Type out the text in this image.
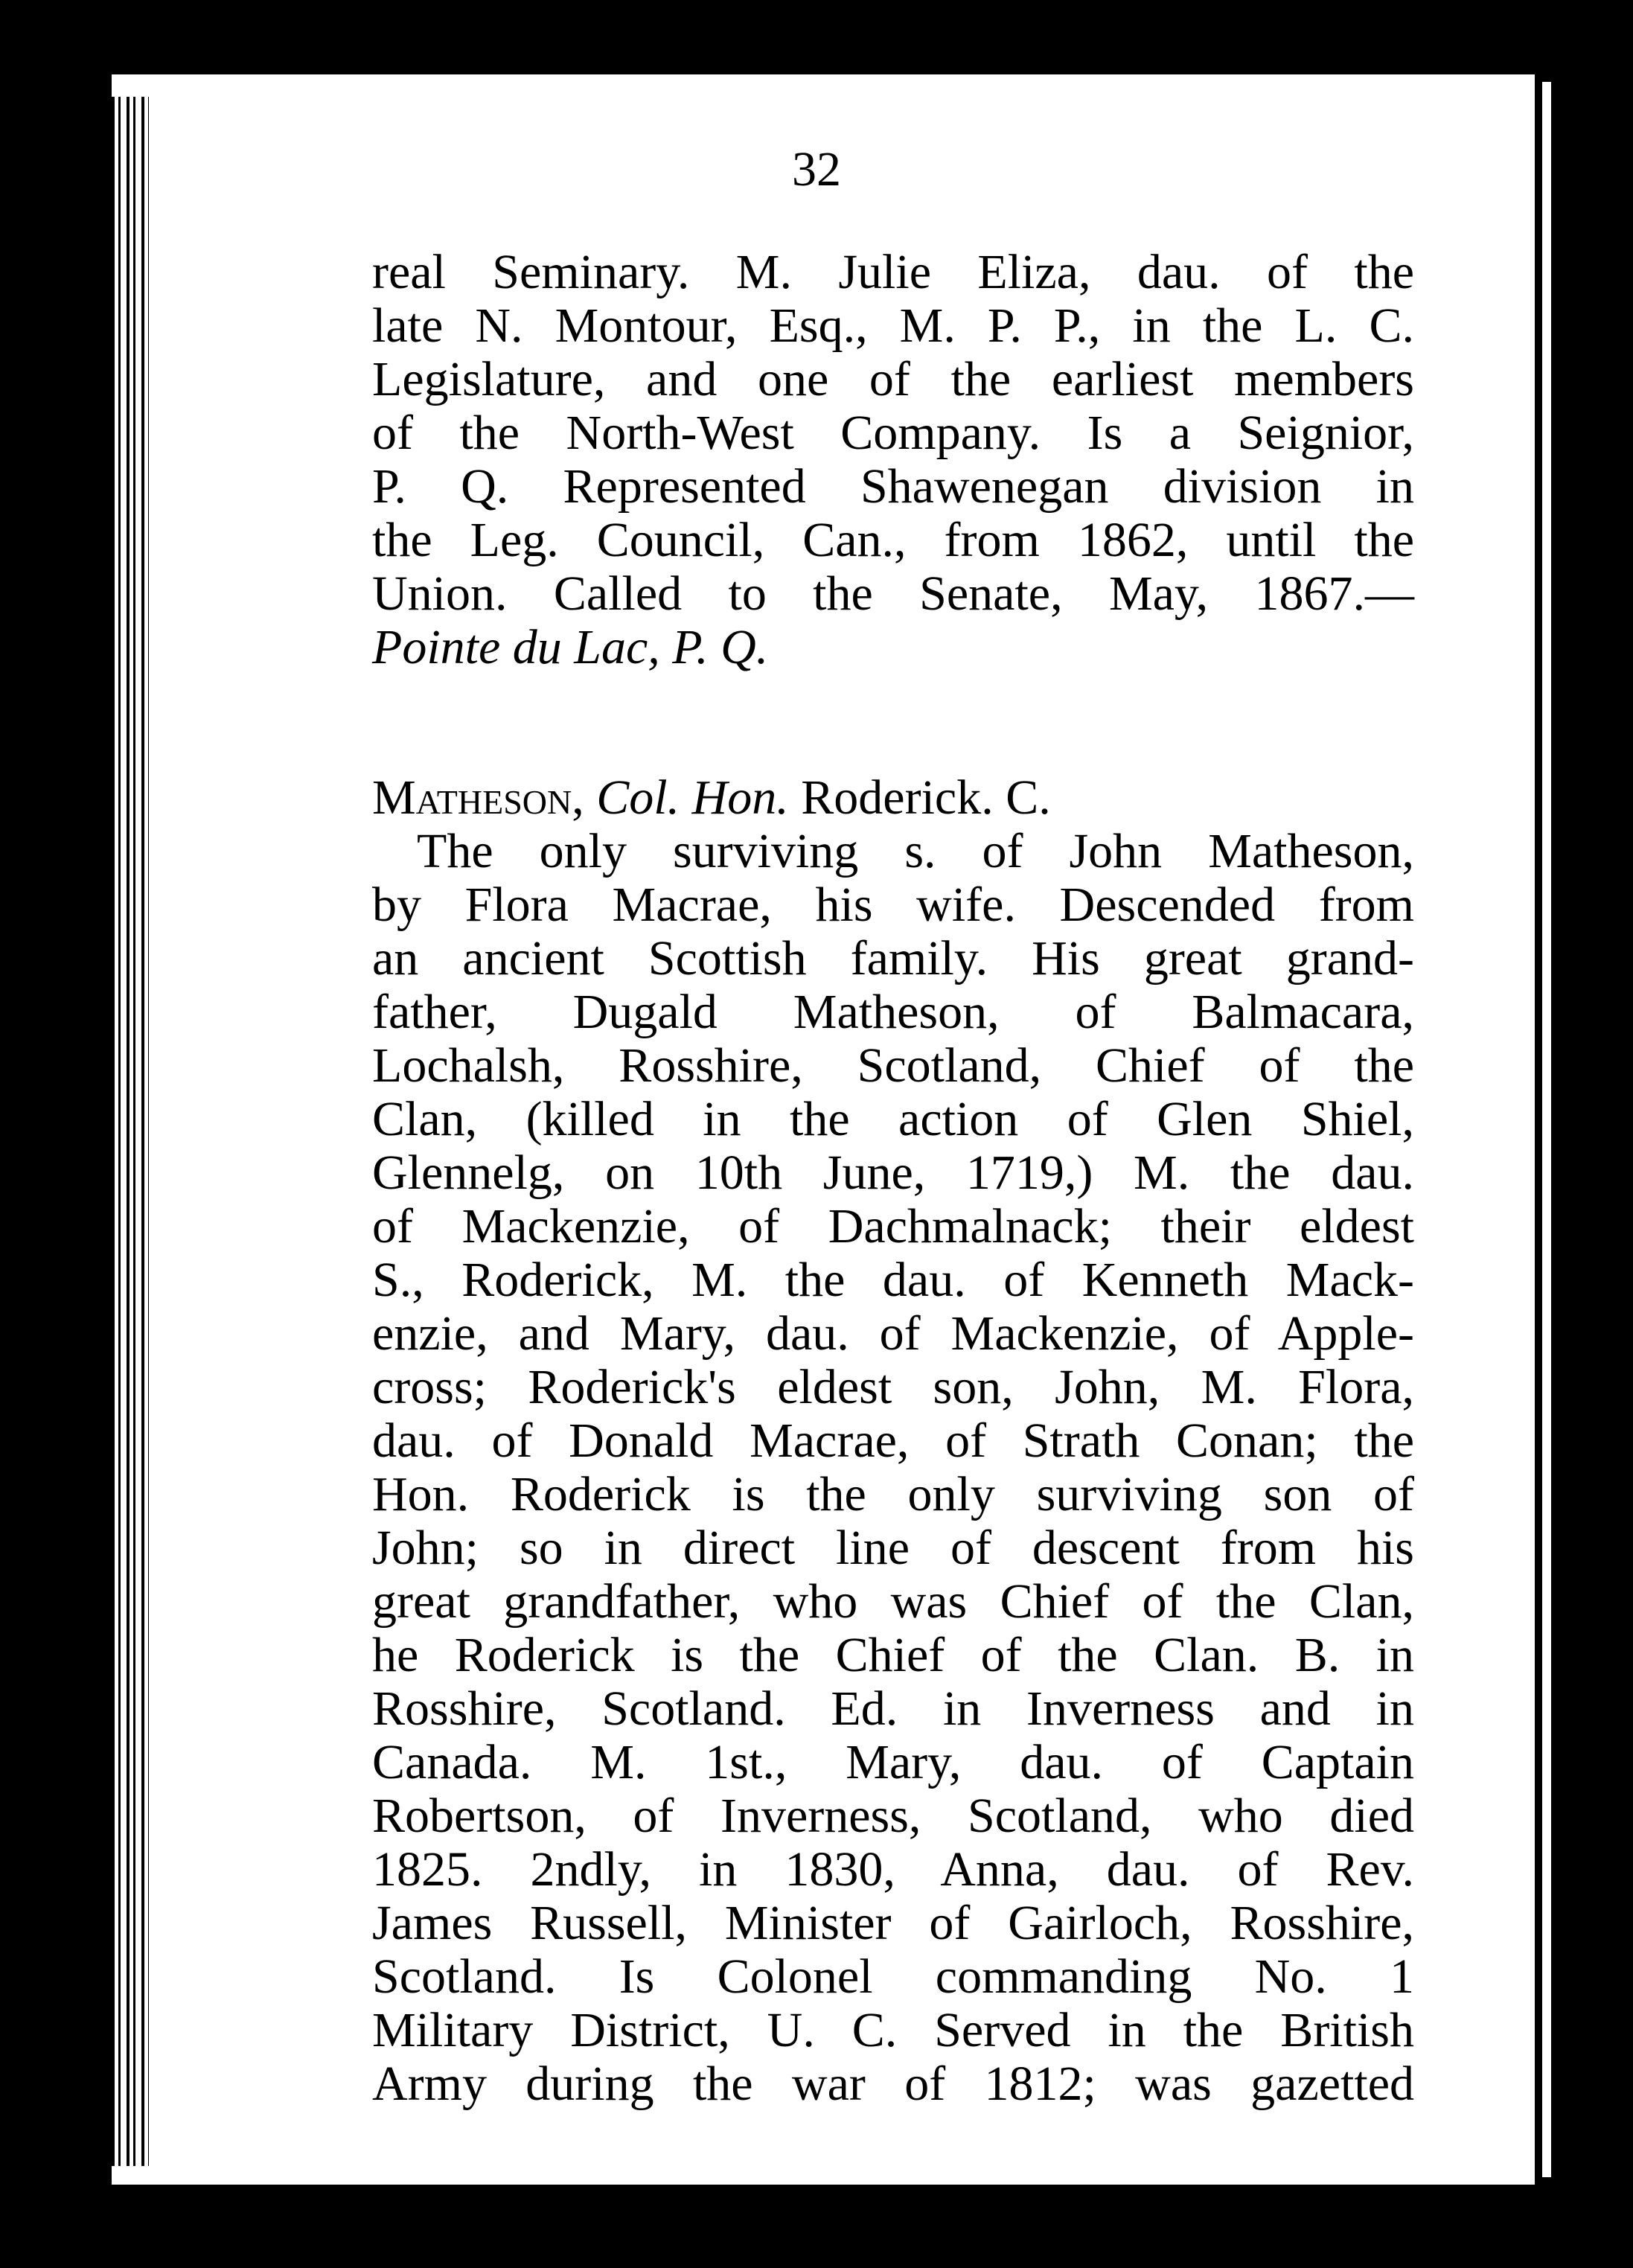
32
real Seminary. M. Julie Eliza, dau. of the
late N. Montour, Esq., M. P. P., in the L. C.
Legislature, and one of the earliest members
of the North-West Company. Is a Seignior,
P. Q. Represented Shawenegan division in
the Leg. Council, Can., from 1862, until the
Union. Called to the Senate, May, 1867.—
Pointe du Lac, P. Q.
Matheson, Col. Hon. Roderick. C.
The only surviving s. of John Matheson,
by Flora Macrae, his wife. Descended from
an ancient Scottish family. His great grand-
father, Dugald Matheson, of Balmacara,
Lochalsh, Rosshire, Scotland, Chief of the
Clan, (killed in the action of Glen Shiel,
Glennelg, on 10th June, 1719,) M. the dau.
of Mackenzie, of Dachmalnack; their eldest
S., Roderick, M. the dau. of Kenneth Mack-
enzie, and Mary, dau. of Mackenzie, of Apple-
cross; Roderick's eldest son, John, M. Flora,
dau. of Donald Macrae, of Strath Conan; the
Hon. Roderick is the only surviving son of
John; so in direct line of descent from his
great grandfather, who was Chief of the Clan,
he Roderick is the Chief of the Clan. B. in
Rosshire, Scotland. Ed. in Inverness and in
Canada. M. 1st., Mary, dau. of Captain
Robertson, of Inverness, Scotland, who died
1825. 2ndly, in 1830, Anna, dau. of Rev.
James Russell, Minister of Gairloch, Rosshire,
Scotland. Is Colonel commanding No. 1
Military District, U. C. Served in the British
Army during the war of 1812; was gazetted
